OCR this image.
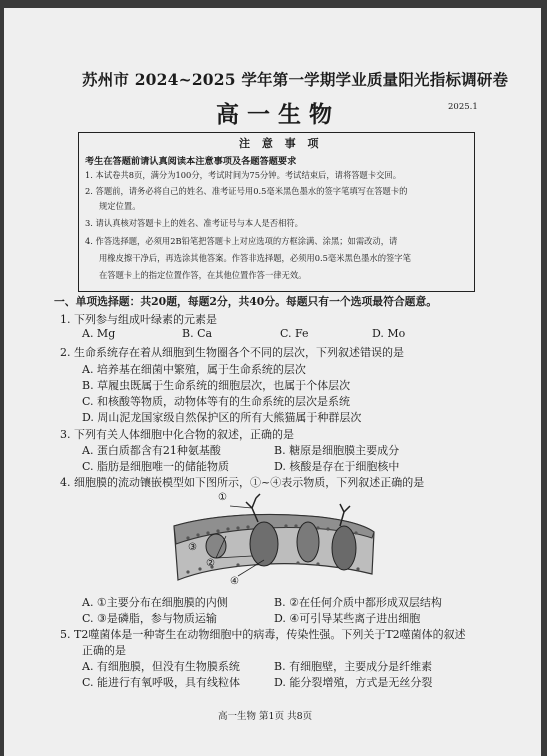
苏州市 2024~2025 学年第一学期学业质量阳光指标调研卷
高一生物	2025.1
注 意 事 项
考生在答题前请认真阅读本注意事项及各题答题要求
1. 本试卷共8页，满分为100分，考试时间为75分钟。考试结束后，请将答题卡交回。
2. 答题前，请务必将自己的姓名、准考证号用0.5毫米黑色墨水的签字笔填写在答题卡的
规定位置。
3. 请认真核对答题卡上的姓名、准考证号与本人是否相符。
4. 作答选择题，必须用2B铅笔把答题卡上对应选项的方框涂满、涂黑；如需改动，请
用橡皮擦干净后，再选涂其他答案。作答非选择题，必须用0.5毫米黑色墨水的签字笔
在答题卡上的指定位置作答，在其他位置作答一律无效。
一、单项选择题：共20题，每题2分，共40分。每题只有一个选项最符合题意。
1. 下列参与组成叶绿素的元素是
A. Mg	B. Ca	C. Fe	D. Mo
2. 生命系统存在着从细胞到生物圈各个不同的层次，下列叙述错误的是
A. 培养基在细菌中繁殖，属于生命系统的层次
B. 草履虫既属于生命系统的细胞层次，也属于个体层次
C. 和核酸等物质，动物体等有的生命系统的层次是系统
D. 周山泥龙国家级自然保护区的所有大熊猫属于种群层次
3. 下列有关人体细胞中化合物的叙述，正确的是
A. 蛋白质都含有21种氨基酸	B. 糖原是细胞膜主要成分
C. 脂肪是细胞唯一的储能物质	D. 核酸是存在于细胞核中
4. 细胞膜的流动镶嵌模型如下图所示，①~④表示物质，下列叙述正确的是
①
②
③
④
A. ①主要分布在细胞膜的内侧	B. ②在任何介质中都形成双层结构
C. ③是磷脂，参与物质运输	D. ④可引导某些离子进出细胞
5. T2噬菌体是一种寄生在动物细胞中的病毒，传染性强。下列关于T2噬菌体的叙述
正确的是
A. 有细胞膜，但没有生物膜系统	B. 有细胞壁，主要成分是纤维素
C. 能进行有氧呼吸，具有线粒体	D. 能分裂增殖，方式是无丝分裂
高一生物 第1页 共8页
